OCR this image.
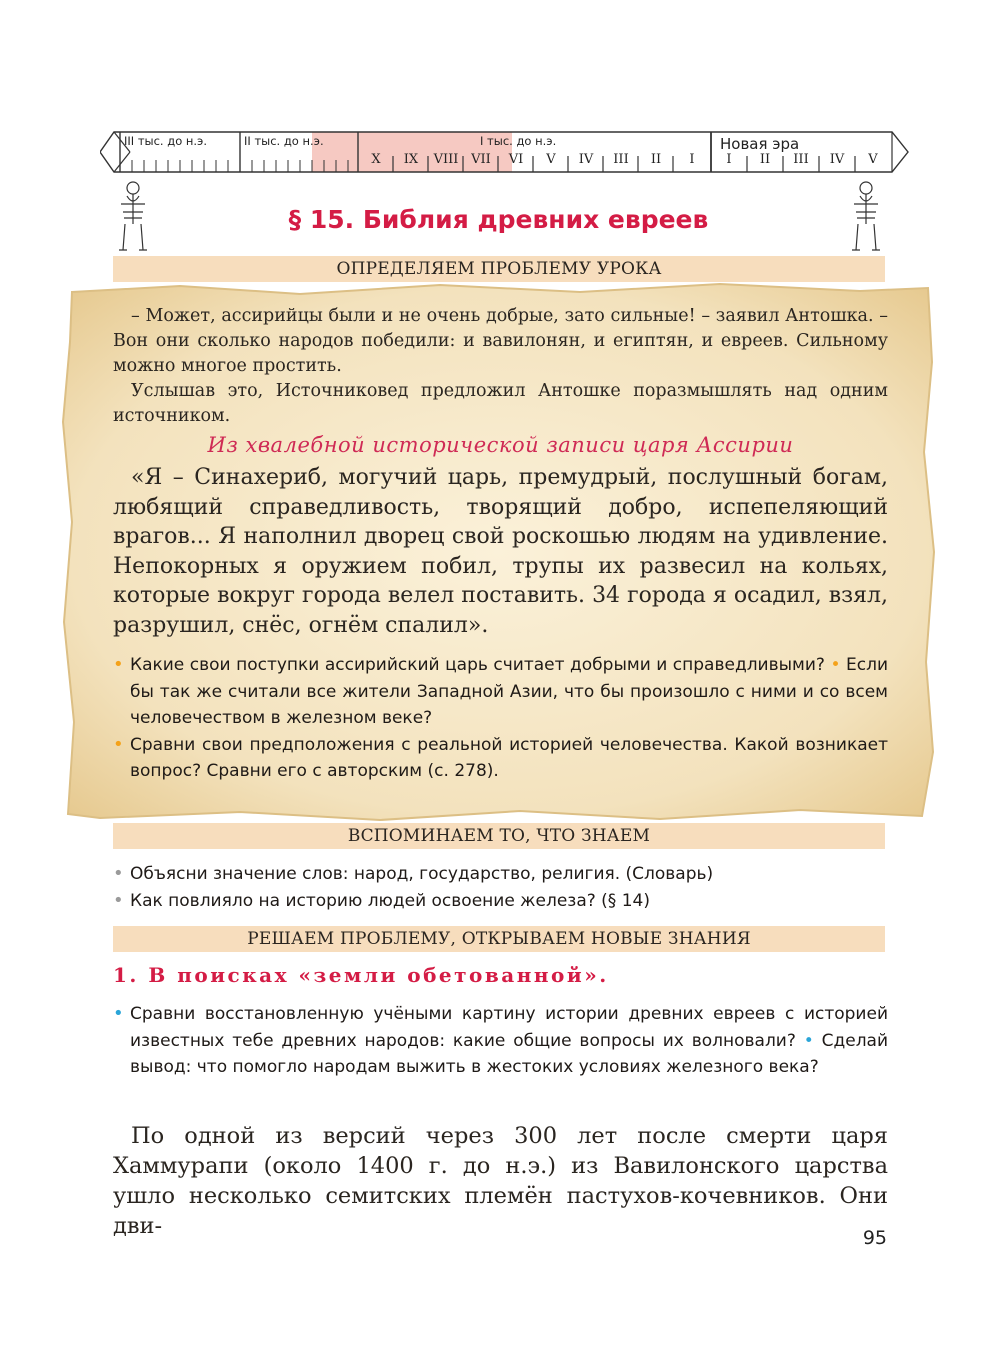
III тыс. до н.э.	II тыс. до н.э.	I тыс. до н.э.	Новая эра
X	IX	VIII VII	VI	V	IV	III	II	I	I	II	III	IV	V
§ 15. Библия древних евреев
ОПРЕДЕЛЯЕМ ПРОБЛЕМУ УРОКА
– Может, ассирийцы были и не очень добрые, зато сильные! – заявил Антошка. – Вон они сколько народов победили: и вавилонян, и египтян, и евреев. Сильному можно многое простить.
Услышав это, Источниковед предложил Антошке поразмышлять над одним источником.
Из хвалебной исторической записи царя Ассирии
«Я – Синахериб, могучий царь, премудрый, послушный богам, любящий справедливость, творящий добро, испепеляющий врагов... Я наполнил дворец свой роскошью людям на удивление. Непокорных я оружием побил, трупы их развесил на кольях, которые вокруг города велел поставить. 34 города я осадил, взял, разрушил, снёс, огнём спалил».
• Какие свои поступки ассирийский царь считает добрыми и справедливыми? • Если бы так же считали все жители Западной Азии, что бы произошло с ними и со всем человечеством в железном веке?
• Сравни свои предположения с реальной историей человечества. Какой возникает вопрос? Сравни его с авторским (с. 278).
ВСПОМИНАЕМ ТО, ЧТО ЗНАЕМ
• Объясни значение слов: народ, государство, религия. (Словарь)
• Как повлияло на историю людей освоение железа? (§ 14)
РЕШАЕМ ПРОБЛЕМУ, ОТКРЫВАЕМ НОВЫЕ ЗНАНИЯ
1. В поисках «земли обетованной».
• Сравни восстановленную учёными картину истории древних евреев с историей известных тебе древних народов: какие общие вопросы их волновали? • Сделай вывод: что помогло народам выжить в жестоких условиях железного века?
По одной из версий через 300 лет после смерти царя Хаммурапи (около 1400 г. до н.э.) из Вавилонского царства ушло несколько семитских племён пастухов-кочевников. Они дви-	95
